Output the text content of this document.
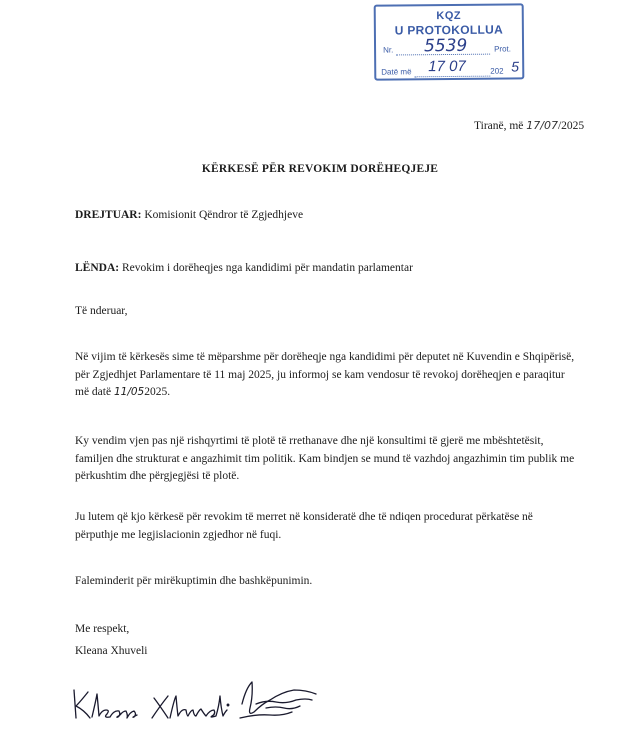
KQZ
U PROTOKOLLUA
Nr. 5539	Prot.
Datë më 17 07	202 5
Tiranë, më 17/07/2025
KËRKESË PËR REVOKIM DORËHEQJEJE
DREJTUAR: Komisionit Qëndror të Zgjedhjeve
LËNDA: Revokim i dorëheqjes nga kandidimi për mandatin parlamentar
Të nderuar,
Në vijim të kërkesës sime të mëparshme për dorëheqje nga kandidimi për deputet në Kuvendin e Shqipërisë, për Zgjedhjet Parlamentare të 11 maj 2025, ju informoj se kam vendosur të revokoj dorëheqjen e paraqitur më datë 11/052025.
Ky vendim vjen pas një rishqyrtimi të plotë të rrethanave dhe një konsultimi të gjerë me mbështetësit, familjen dhe strukturat e angazhimit tim politik. Kam bindjen se mund të vazhdoj angazhimin tim publik me përkushtim dhe përgjegjësi të plotë.
Ju lutem që kjo kërkesë për revokim të merret në konsideratë dhe të ndiqen procedurat përkatëse në përputhje me legjislacionin zgjedhor në fuqi.
Faleminderit për mirëkuptimin dhe bashkëpunimin.
Me respekt,
Kleana Xhuveli
